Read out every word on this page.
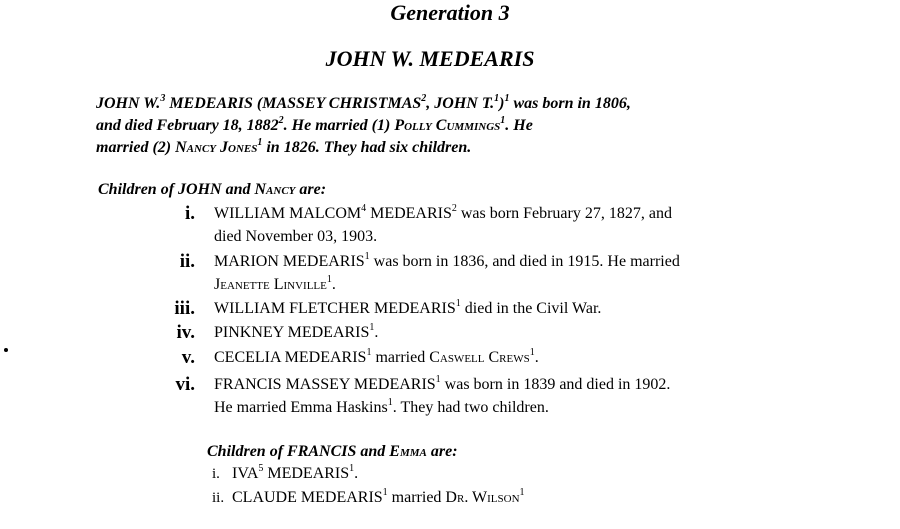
Generation 3
JOHN W. MEDEARIS
JOHN W.$^3$ MEDEARIS (MASSEY CHRISTMAS$^2$, JOHN T.$^1$)$^1$ was born in 1806,
and died February 18, 1882$^2$. He married (1) Polly Cummings$^1$. He
married (2) Nancy Jones$^1$ in 1826. They had six children.
Children of JOHN and Nancy are:
i. WILLIAM MALCOM$^4$ MEDEARIS$^2$ was born February 27, 1827, and
died November 03, 1903.
ii. MARION MEDEARIS$^1$ was born in 1836, and died in 1915. He married
Jeanette Linville$^1$.
iii. WILLIAM FLETCHER MEDEARIS$^1$ died in the Civil War.
iv. PINKNEY MEDEARIS$^1$.
v. CECELIA MEDEARIS$^1$ married Caswell Crews$^1$.
vi. FRANCIS MASSEY MEDEARIS$^1$ was born in 1839 and died in 1902.
He married Emma Haskins$^1$. They had two children.
Children of FRANCIS and Emma are:
i. IVA$^5$ MEDEARIS$^1$.
ii. CLAUDE MEDEARIS$^1$ married Dr. Wilson$^1$
